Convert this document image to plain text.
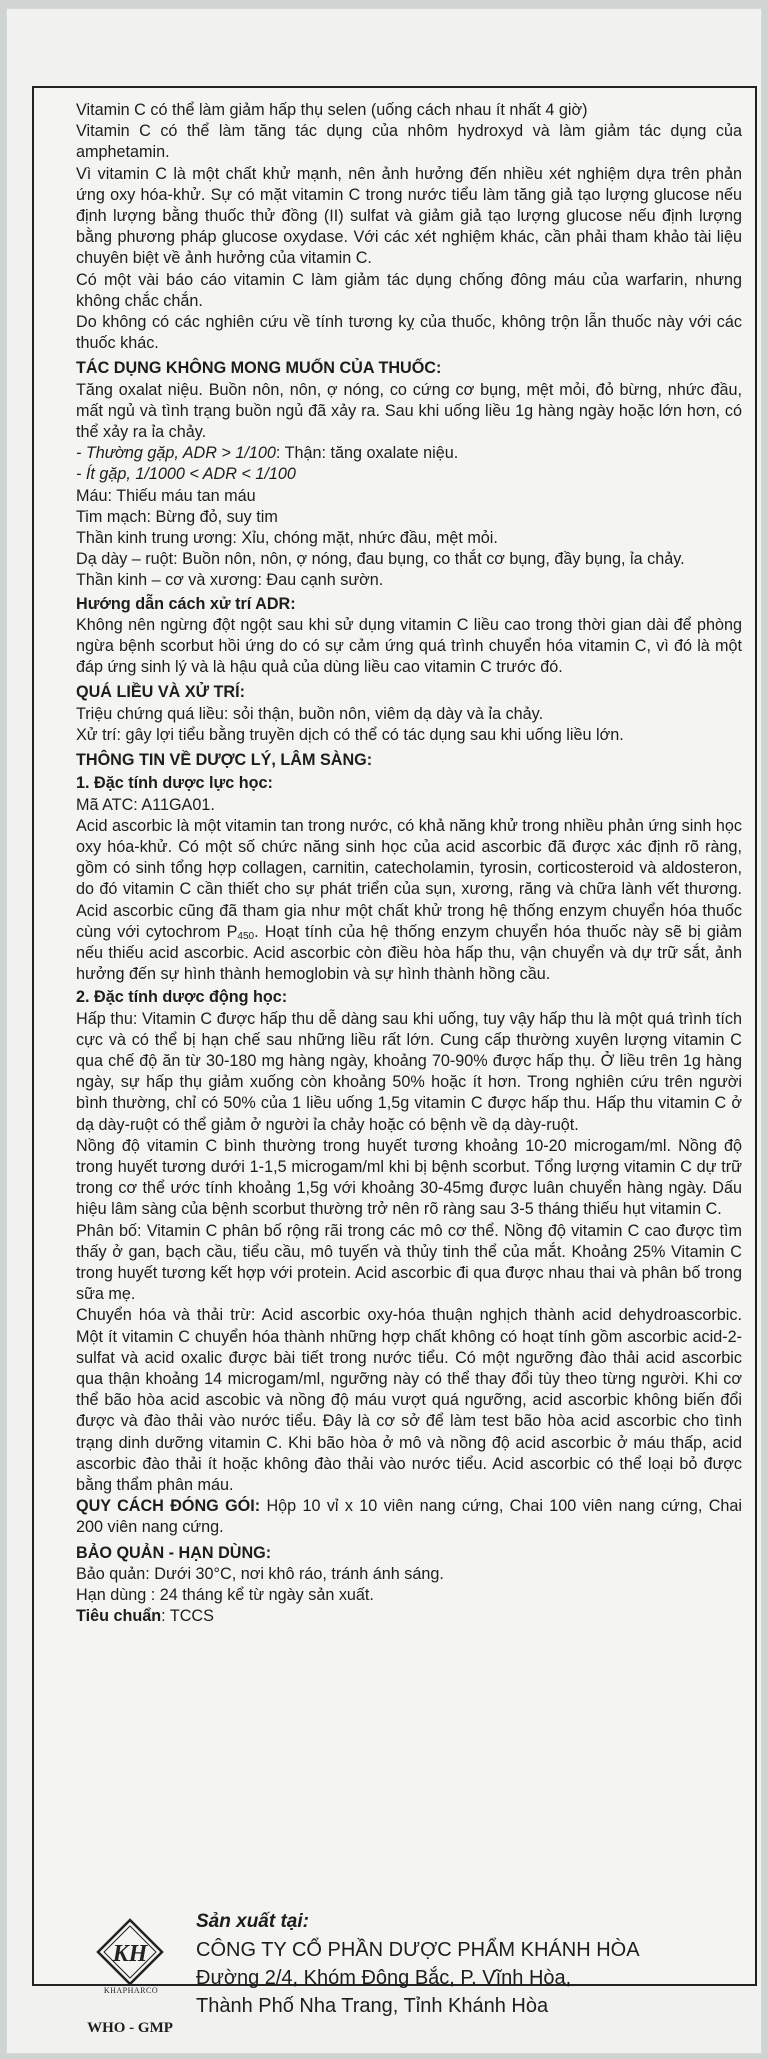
Vitamin C có thể làm giảm hấp thụ selen (uống cách nhau ít nhất 4 giờ)

Vitamin C có thể làm tăng tác dụng của nhôm hydroxyd và làm giảm tác dụng của amphetamin.

Vì vitamin C là một chất khử mạnh, nên ảnh hưởng đến nhiều xét nghiệm dựa trên phản ứng oxy hóa-khử. Sự có mặt vitamin C trong nước tiểu làm tăng giả tạo lượng glucose nếu định lượng bằng thuốc thử đồng (II) sulfat và giảm giả tạo lượng glucose nếu định lượng bằng phương pháp glucose oxydase. Với các xét nghiệm khác, cần phải tham khảo tài liệu chuyên biệt về ảnh hưởng của vitamin C.

Có một vài báo cáo vitamin C làm giảm tác dụng chống đông máu của warfarin, nhưng không chắc chắn.

Do không có các nghiên cứu về tính tương kỵ của thuốc, không trộn lẫn thuốc này với các thuốc khác.

TÁC DỤNG KHÔNG MONG MUỐN CỦA THUỐC:

Tăng oxalat niệu. Buồn nôn, nôn, ợ nóng, co cứng cơ bụng, mệt mỏi, đỏ bừng, nhức đầu, mất ngủ và tình trạng buồn ngủ đã xảy ra. Sau khi uống liều 1g hàng ngày hoặc lớn hơn, có thể xảy ra ỉa chảy.

- Thường gặp, ADR > 1/100: Thận: tăng oxalate niệu.

- Ít gặp, 1/1000 < ADR < 1/100

Máu: Thiếu máu tan máu

Tim mạch: Bừng đỏ, suy tim

Thần kinh trung ương: Xỉu, chóng mặt, nhức đầu, mệt mỏi.

Dạ dày – ruột: Buồn nôn, nôn, ợ nóng, đau bụng, co thắt cơ bụng, đầy bụng, ỉa chảy.

Thần kinh – cơ và xương: Đau cạnh sườn.

Hướng dẫn cách xử trí ADR:

Không nên ngừng đột ngột sau khi sử dụng vitamin C liều cao trong thời gian dài để phòng ngừa bệnh scorbut hồi ứng do có sự cảm ứng quá trình chuyển hóa vitamin C, vì đó là một đáp ứng sinh lý và là hậu quả của dùng liều cao vitamin C trước đó.

QUÁ LIỀU VÀ XỬ TRÍ:

Triệu chứng quá liều: sỏi thận, buồn nôn, viêm dạ dày và ỉa chảy.

Xử trí: gây lợi tiểu bằng truyền dịch có thể có tác dụng sau khi uống liều lớn.

THÔNG TIN VỀ DƯỢC LÝ, LÂM SÀNG:
1. Đặc tính dược lực học:

Mã ATC: A11GA01.

Acid ascorbic là một vitamin tan trong nước, có khả năng khử trong nhiều phản ứng sinh học oxy hóa-khử. Có một số chức năng sinh học của acid ascorbic đã được xác định rõ ràng, gồm có sinh tổng hợp collagen, carnitin, catecholamin, tyrosin, corticosteroid và aldosteron, do đó vitamin C cần thiết cho sự phát triển của sụn, xương, răng và chữa lành vết thương. Acid ascorbic cũng đã tham gia như một chất khử trong hệ thống enzym chuyển hóa thuốc cùng với cytochrom $P_{450}$. Hoạt tính của hệ thống enzym chuyển hóa thuốc này sẽ bị giảm nếu thiếu acid ascorbic. Acid ascorbic còn điều hòa hấp thu, vận chuyển và dự trữ sắt, ảnh hưởng đến sự hình thành hemoglobin và sự hình thành hồng cầu.

2. Đặc tính dược động học:

Hấp thu: Vitamin C được hấp thu dễ dàng sau khi uống, tuy vậy hấp thu là một quá trình tích cực và có thể bị hạn chế sau những liều rất lớn. Cung cấp thường xuyên lượng vitamin C qua chế độ ăn từ 30-180 mg hàng ngày, khoảng 70-90% được hấp thụ. Ở liều trên 1g hàng ngày, sự hấp thụ giảm xuống còn khoảng 50% hoặc ít hơn. Trong nghiên cứu trên người bình thường, chỉ có 50% của 1 liều uống 1,5g vitamin C được hấp thu. Hấp thu vitamin C ở dạ dày-ruột có thể giảm ở người ỉa chảy hoặc có bệnh về dạ dày-ruột.

Nồng độ vitamin C bình thường trong huyết tương khoảng 10-20 microgam/ml. Nồng độ trong huyết tương dưới 1-1,5 microgam/ml khi bị bệnh scorbut. Tổng lượng vitamin C dự trữ trong cơ thể ước tính khoảng 1,5g với khoảng 30-45mg được luân chuyển hàng ngày. Dấu hiệu lâm sàng của bệnh scorbut thường trở nên rõ ràng sau 3-5 tháng thiếu hụt vitamin C.

Phân bố: Vitamin C phân bố rộng rãi trong các mô cơ thể. Nồng độ vitamin C cao được tìm thấy ở gan, bạch cầu, tiểu cầu, mô tuyến và thủy tinh thể của mắt. Khoảng 25% Vitamin C trong huyết tương kết hợp với protein. Acid ascorbic đi qua được nhau thai và phân bố trong sữa mẹ.

Chuyển hóa và thải trừ: Acid ascorbic oxy-hóa thuận nghịch thành acid dehydroascorbic. Một ít vitamin C chuyển hóa thành những hợp chất không có hoạt tính gồm ascorbic acid-2-sulfat và acid oxalic được bài tiết trong nước tiểu. Có một ngưỡng đào thải acid ascorbic qua thận khoảng 14 microgam/ml, ngưỡng này có thể thay đổi tùy theo từng người. Khi cơ thể bão hòa acid ascobic và nồng độ máu vượt quá ngưỡng, acid ascorbic không biến đổi được và đào thải vào nước tiểu. Đây là cơ sở để làm test bão hòa acid ascorbic cho tình trạng dinh dưỡng vitamin C. Khi bão hòa ở mô và nồng độ acid ascorbic ở máu thấp, acid ascorbic đào thải ít hoặc không đào thải vào nước tiểu. Acid ascorbic có thể loại bỏ được bằng thẩm phân máu.

QUY CÁCH ĐÓNG GÓI: Hộp 10 vỉ x 10 viên nang cứng, Chai 100 viên nang cứng, Chai 200 viên nang cứng.

BẢO QUẢN - HẠN DÙNG:

Bảo quản: Dưới 30°C, nơi khô ráo, tránh ánh sáng.

Hạn dùng : 24 tháng kể từ ngày sản xuất.

Tiêu chuẩn: TCCS

KH
KHAPHARCO
WHO - GMP
Sản xuất tại:
CÔNG TY CỔ PHẦN DƯỢC PHẨM KHÁNH HÒA
Đường 2/4, Khóm Đông Bắc, P. Vĩnh Hòa,
Thành Phố Nha Trang, Tỉnh Khánh Hòa
